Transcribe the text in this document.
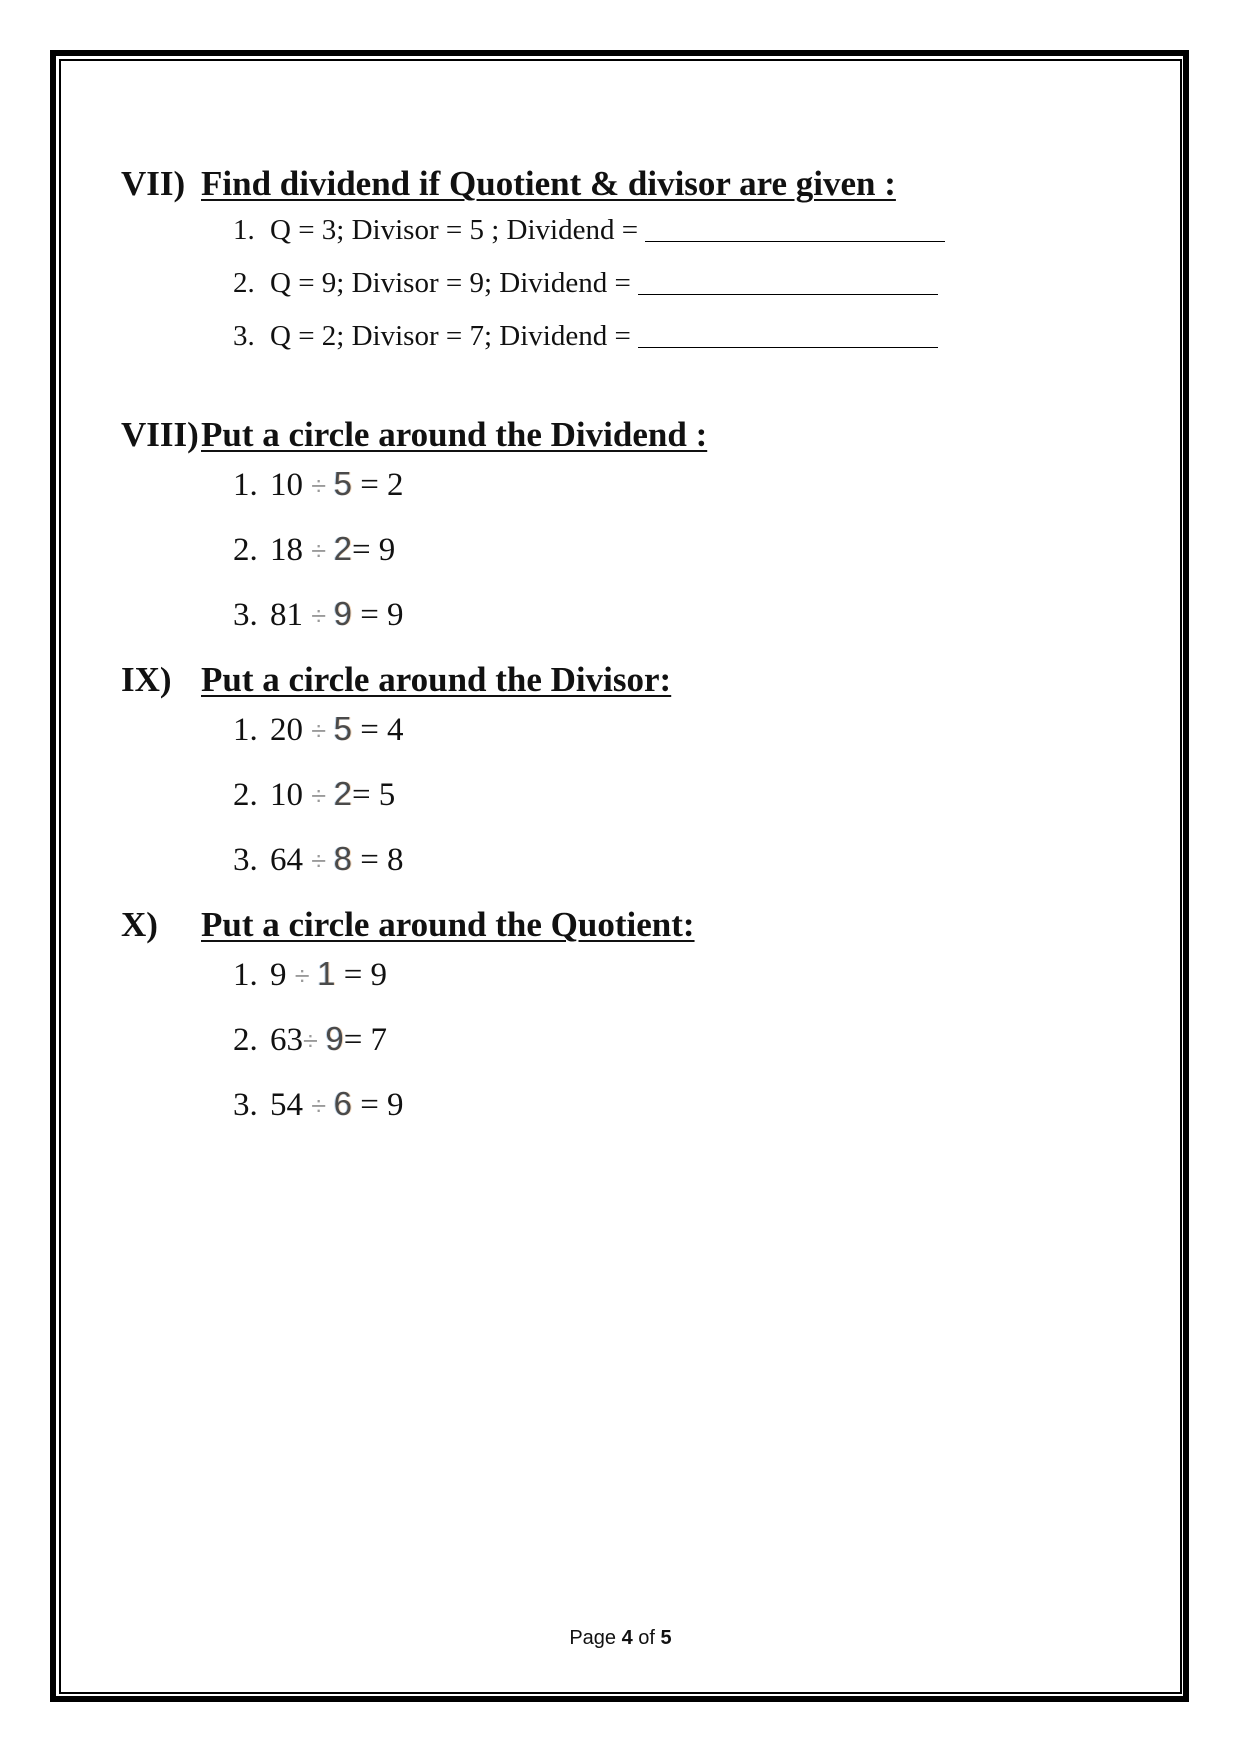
VII) Find dividend if Quotient & divisor are given :
1. Q = 3; Divisor = 5 ; Dividend =
2. Q = 9; Divisor = 9; Dividend =
3. Q = 2; Divisor = 7; Dividend =
VIII)Put a circle around the Dividend :
1. 10 ÷ 5 = 2
2. 18 ÷ 2= 9
3. 81 ÷ 9 = 9
IX) Put a circle around the Divisor:
1. 20 ÷ 5 = 4
2. 10 ÷ 2= 5
3. 64 ÷ 8 = 8
X) Put a circle around the Quotient:
1. 9 ÷ 1 = 9
2. 63÷ 9= 7
3. 54 ÷ 6 = 9
Page 4 of 5
